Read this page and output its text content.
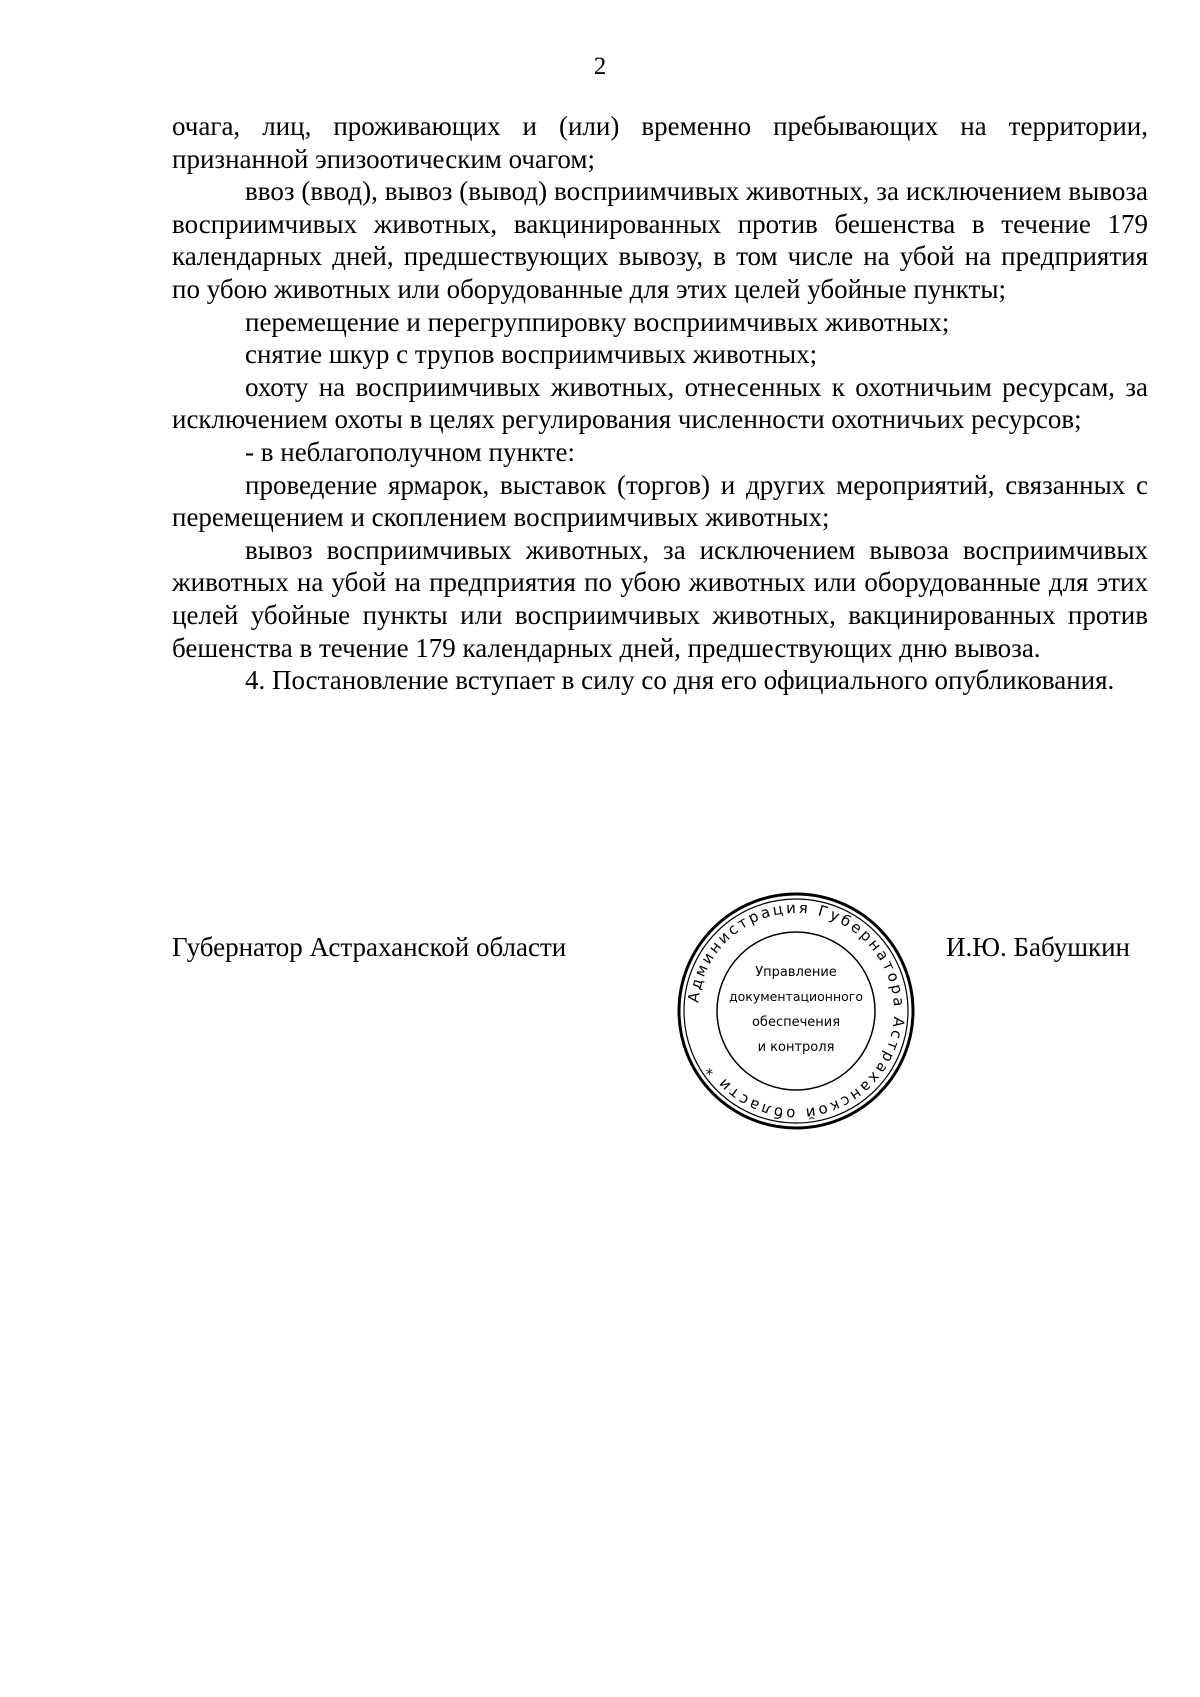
2

очага, лиц, проживающих и (или) временно пребывающих на территории, признанной эпизоотическим очагом;

ввоз (ввод), вывоз (вывод) восприимчивых животных, за исключением вывоза восприимчивых животных, вакцинированных против бешенства в течение 179 календарных дней, предшествующих вывозу, в том числе на убой на предприятия по убою животных или оборудованные для этих целей убойные пункты;

перемещение и перегруппировку восприимчивых животных;

снятие шкур с трупов восприимчивых животных;

охоту на восприимчивых животных, отнесенных к охотничьим ресурсам, за исключением охоты в целях регулирования численности охотничьих ресурсов;

- в неблагополучном пункте:

проведение ярмарок, выставок (торгов) и других мероприятий, связанных с перемещением и скоплением восприимчивых животных;

вывоз восприимчивых животных, за исключением вывоза восприимчивых животных на убой на предприятия по убою животных или оборудованные для этих целей убойные пункты или восприимчивых животных, вакцинированных против бешенства в течение 179 календарных дней, предшествующих дню вывоза.

4. Постановление вступает в силу со дня его официального опубликования.

Губернатор Астраханской области	И.Ю. Бабушкин
Администрация Губернатора Астраханской области *
Управление
документационного
обеспечения
и контроля
